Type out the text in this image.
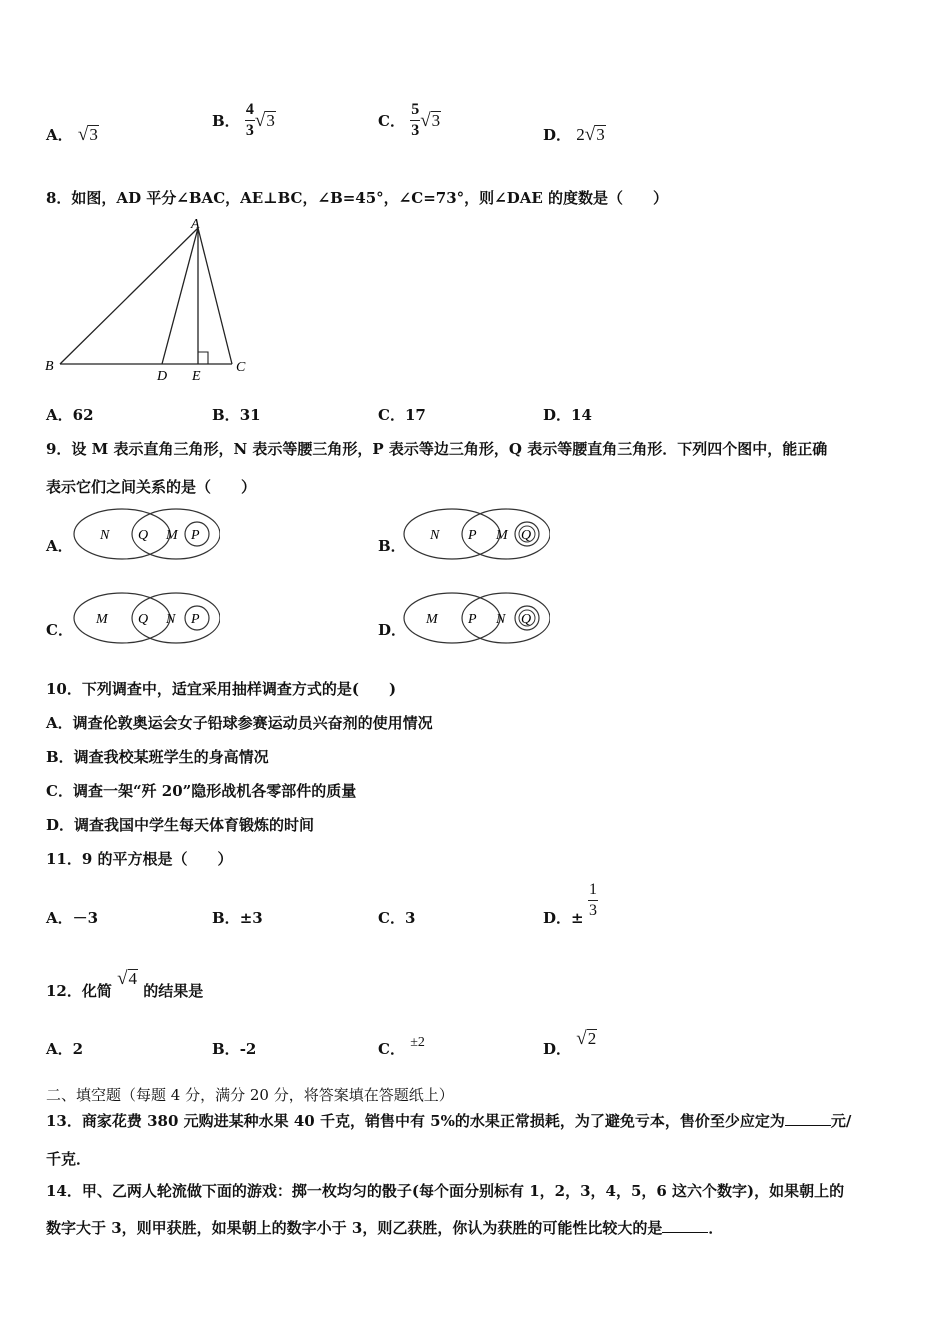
A． √ 3
B． $\frac{4}{3}$ √ 3	C． $\frac{5}{3}$ √ 3
D． 2 √ 3
8．如图，AD 平分∠BAC，AE⊥BC，∠B=45°，∠C=73°，则∠DAE 的度数是（　　）
A
B	C
D E
A．62	B．31	C．17	D．14
9．设 M 表示直角三角形，N 表示等腰三角形，P 表示等边三角形，Q 表示等腰直角三角形．下列四个图中，能正确
表示它们之间关系的是（　　）
A．
N Q M P
B．
N P M Q
C．
M Q N P
D．
M P N Q
10．下列调查中，适宜采用抽样调查方式的是(　　)
A．调查伦敦奥运会女子铅球参赛运动员兴奋剂的使用情况
B．调查我校某班学生的身高情况
C．调查一架“歼 20”隐形战机各零部件的质量
D．调查我国中学生每天体育锻炼的时间
11．9 的平方根是（　　）
A．－3	B．±3	C．3	D．± $\frac{1}{3}$
12．化简
√ 4
的结果是
A．2	B．-2	C． ±2	D． √ 2
二、填空题（每题 4 分，满分 20 分，将答案填在答题纸上）
13．商家花费 380 元购进某种水果 40 千克，销售中有 5%的水果正常损耗，为了避免亏本，售价至少应定为	元/
千克．
14．甲、乙两人轮流做下面的游戏：掷一枚均匀的骰子(每个面分别标有 1，2，3，4，5，6 这六个数字)，如果朝上的
数字大于 3，则甲获胜，如果朝上的数字小于 3，则乙获胜，你认为获胜的可能性比较大的是	．
